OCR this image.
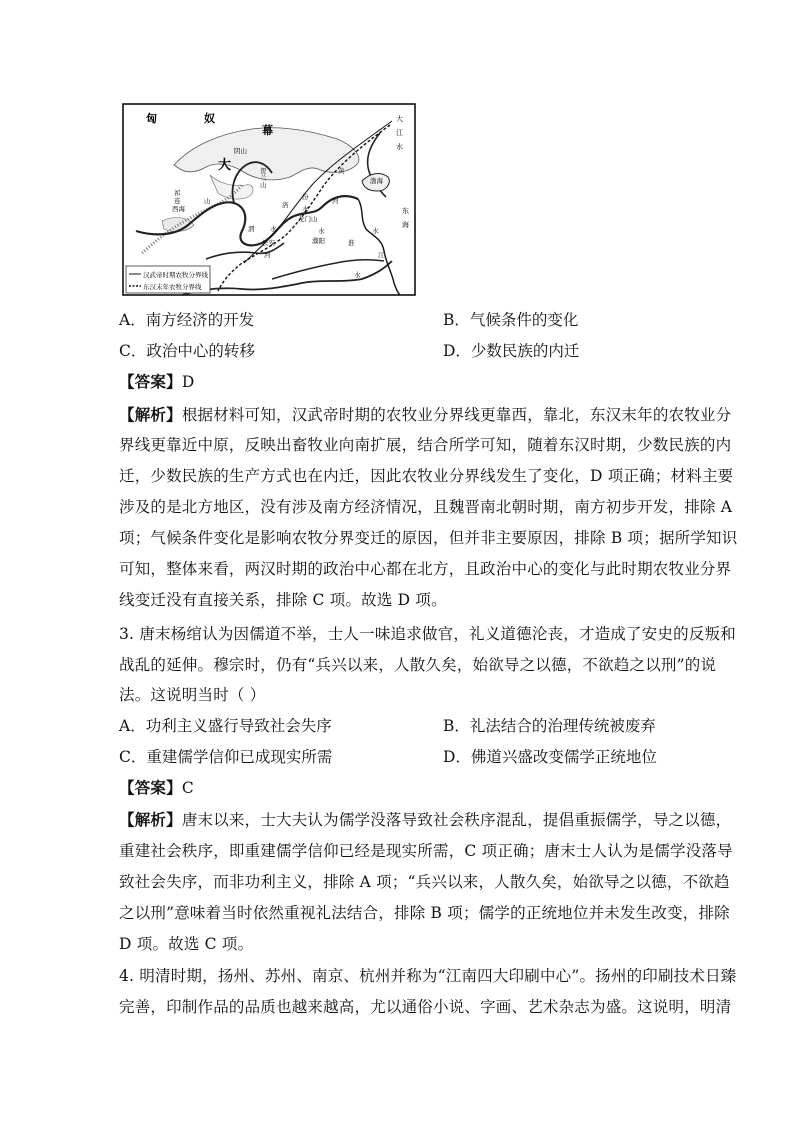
汉武帝时期农牧分界线
东汉末年农牧分界线
匈	奴
幕
大
阴山
贺
兰
山
祁
连	山
西海
大
江
水
渤海
黄
河
汾
水
洛
龙门山
渭 水
长安
河
濮阳
水
淮
水
江
水
东
海
A．南方经济的开发	B．气候条件的变化
C．政治中心的转移	D．少数民族的内迁
【答案】D
【解析】根据材料可知，汉武帝时期的农牧业分界线更靠西，靠北，东汉末年的农牧业分
界线更靠近中原，反映出畜牧业向南扩展，结合所学可知，随着东汉时期，少数民族的内
迁，少数民族的生产方式也在内迁，因此农牧业分界线发生了变化，D 项正确；材料主要
涉及的是北方地区，没有涉及南方经济情况，且魏晋南北朝时期，南方初步开发，排除 A
项；气候条件变化是影响农牧分界变迁的原因，但并非主要原因，排除 B 项；据所学知识
可知，整体来看，两汉时期的政治中心都在北方，且政治中心的变化与此时期农牧业分界
线变迁没有直接关系，排除 C 项。故选 D 项。
3. 唐末杨绾认为因儒道不举，士人一味追求做官，礼义道德沦丧，才造成了安史的反叛和
战乱的延伸。穆宗时，仍有“兵兴以来，人散久矣，始欲导之以德，不欲趋之以刑”的说
法。这说明当时（ ）
A．功利主义盛行导致社会失序	B．礼法结合的治理传统被废弃
C．重建儒学信仰已成现实所需	D．佛道兴盛改变儒学正统地位
【答案】C
【解析】唐末以来，士大夫认为儒学没落导致社会秩序混乱，提倡重振儒学，导之以德，
重建社会秩序，即重建儒学信仰已经是现实所需，C 项正确；唐末士人认为是儒学没落导
致社会失序，而非功利主义，排除 A 项；“兵兴以来，人散久矣，始欲导之以德，不欲趋
之以刑”意味着当时依然重视礼法结合，排除 B 项；儒学的正统地位并未发生改变，排除
D 项。故选 C 项。
4. 明清时期，扬州、苏州、南京、杭州并称为“江南四大印刷中心”。扬州的印刷技术日臻
完善，印制作品的品质也越来越高，尤以通俗小说、字画、艺术杂志为盛。这说明，明清
